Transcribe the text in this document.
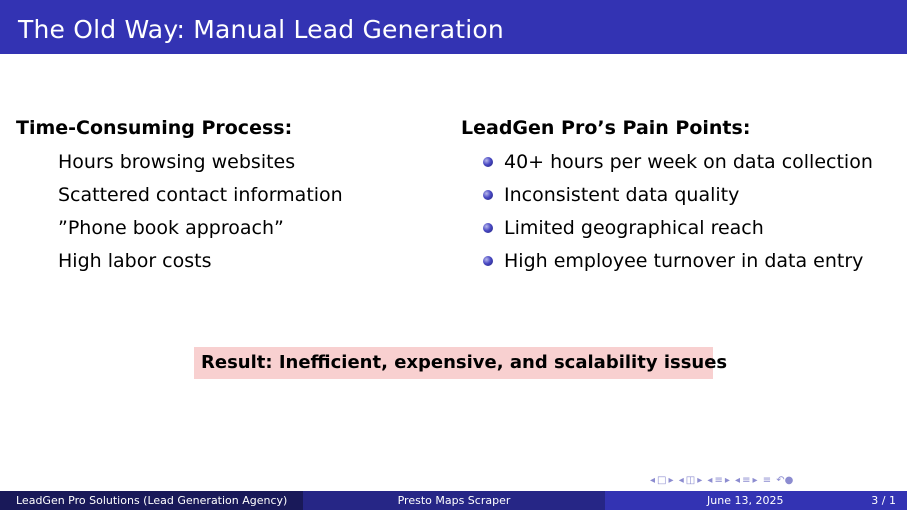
The Old Way: Manual Lead Generation
Time-Consuming Process:
Hours browsing websites
Scattered contact information
”Phone book approach”
High labor costs
LeadGen Pro’s Pain Points:
40+ hours per week on data collection
Inconsistent data quality
Limited geographical reach
High employee turnover in data entry
Result: Inefficient, expensive, and scalability issues
◂ □ ▸ ◂ ◫ ▸ ◂ ≡ ▸ ◂ ≡ ▸ ≡ ↶●
LeadGen Pro Solutions (Lead Generation Agency)	Presto Maps Scraper	June 13, 2025	3 / 1
